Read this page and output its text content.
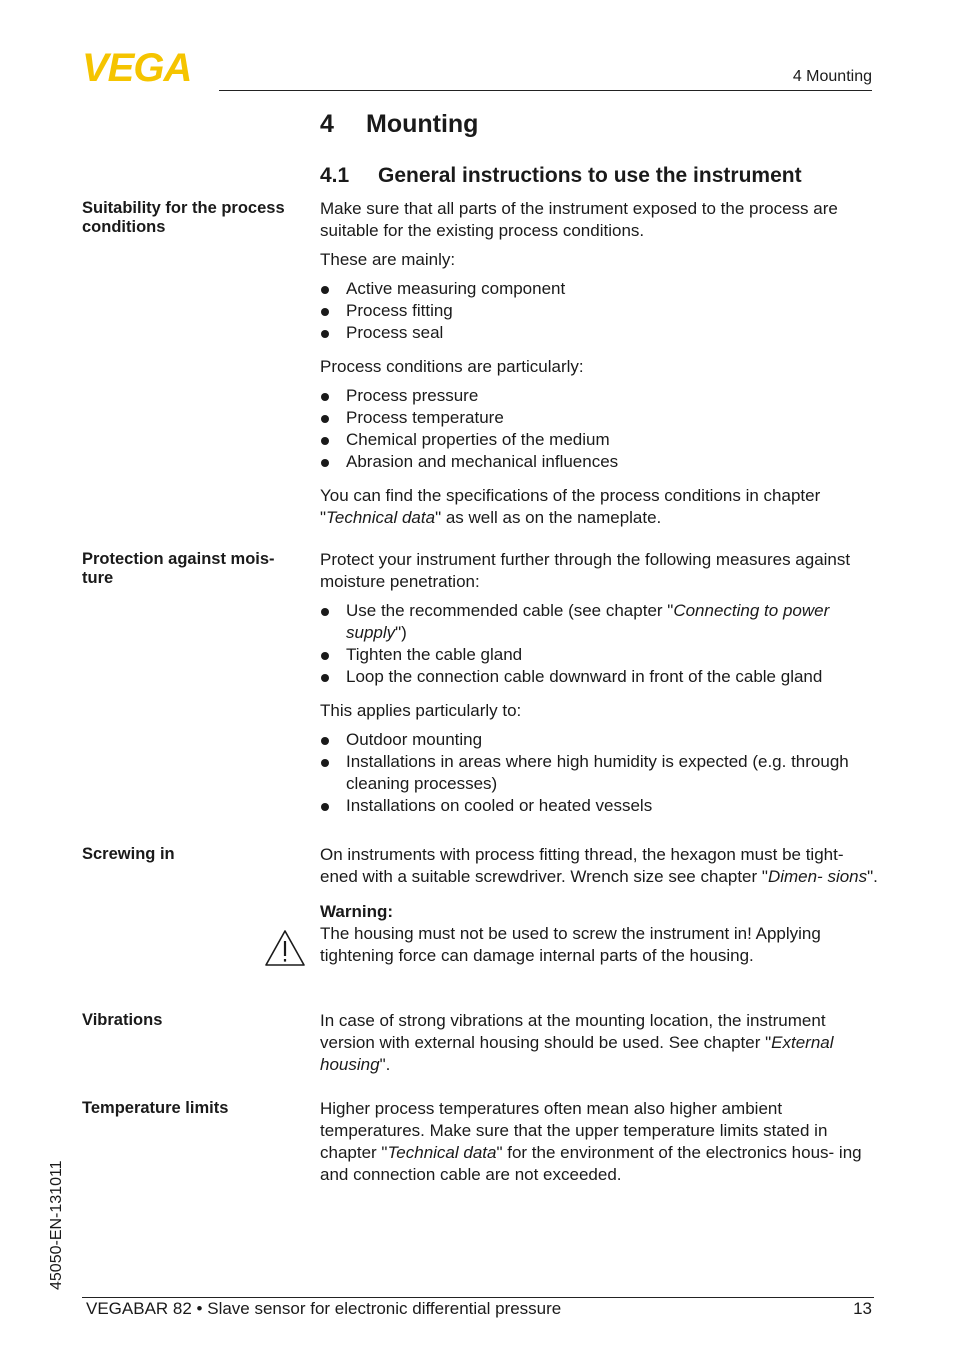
VEGA	4 Mounting
4 Mounting
4.1 General instructions to use the instrument
Suitability for the process conditions

Make sure that all parts of the instrument exposed to the process are suitable for the existing process conditions.

These are mainly:

Active measuring component
Process fitting
Process seal

Process conditions are particularly:

Process pressure
Process temperature
Chemical properties of the medium
Abrasion and mechanical influences

You can find the specifications of the process conditions in chapter "Technical data" as well as on the nameplate.

Protection against mois- ture

Protect your instrument further through the following measures against moisture penetration:

Use the recommended cable (see chapter "Connecting to power supply")
Tighten the cable gland
Loop the connection cable downward in front of the cable gland

This applies particularly to:

Outdoor mounting
Installations in areas where high humidity is expected (e.g. through cleaning processes)
Installations on cooled or heated vessels
Screwing in	On instruments with process fitting thread, the hexagon must be tight- ened with a suitable screwdriver. Wrench size see chapter "Dimen- sions".

Warning:

The housing must not be used to screw the instrument in! Applying tightening force can damage internal parts of the housing.

Vibrations	In case of strong vibrations at the mounting location, the instrument version with external housing should be used. See chapter "External housing".

Temperature limits	Higher process temperatures often mean also higher ambient temperatures. Make sure that the upper temperature limits stated in chapter "Technical data" for the environment of the electronics hous- ing and connection cable are not exceeded.

45050-EN-131011
VEGABAR 82 • Slave sensor for electronic differential pressure	13
